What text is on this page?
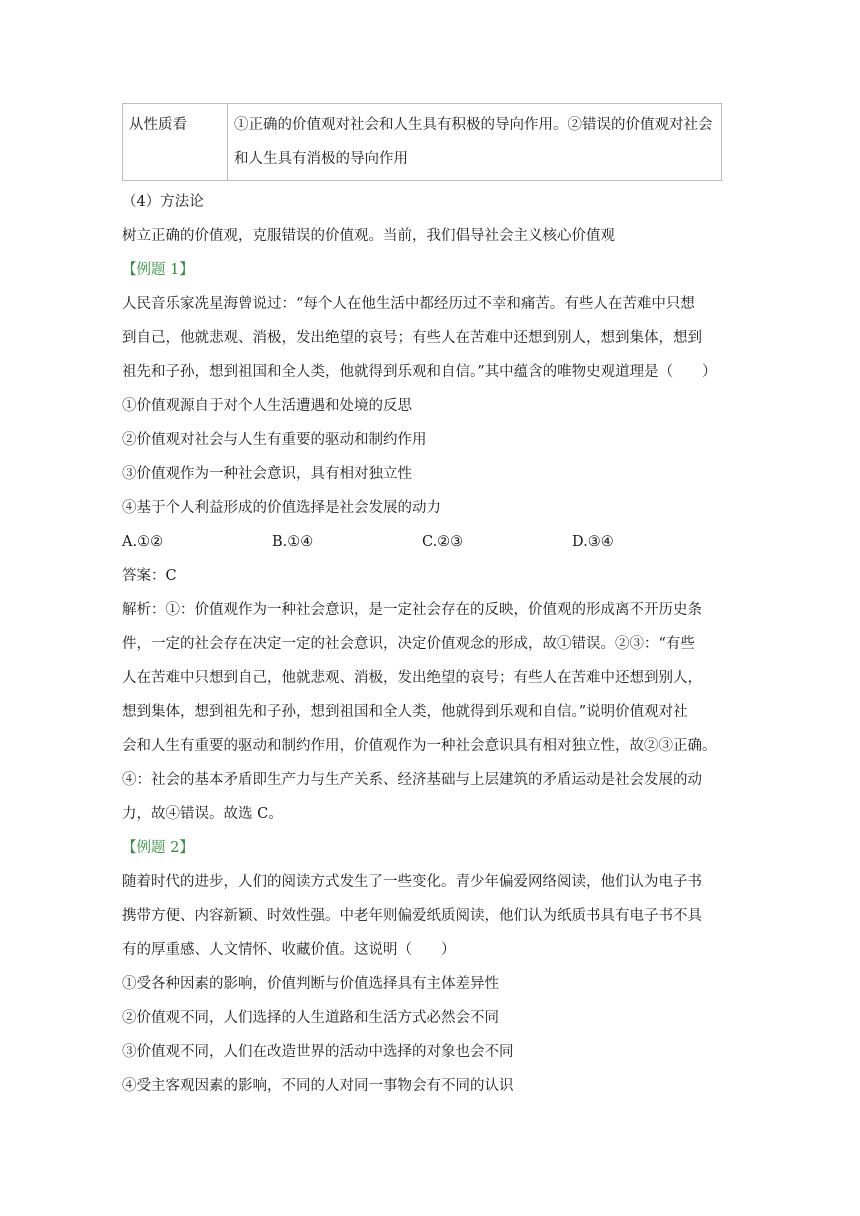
从性质看	①正确的价值观对社会和人生具有积极的导向作用。②错误的价值观对社会和人生具有消极的导向作用
（4）方法论
树立正确的价值观，克服错误的价值观。当前，我们倡导社会主义核心价值观
【例题 1】
人民音乐家冼星海曾说过：“每个人在他生活中都经历过不幸和痛苦。有些人在苦难中只想
到自己，他就悲观、消极，发出绝望的哀号；有些人在苦难中还想到别人，想到集体，想到
祖先和子孙，想到祖国和全人类，他就得到乐观和自信。”其中蕴含的唯物史观道理是（　　）
①价值观源自于对个人生活遭遇和处境的反思
②价值观对社会与人生有重要的驱动和制约作用
③价值观作为一种社会意识，具有相对独立性
④基于个人利益形成的价值选择是社会发展的动力
A.①②	B.①④	C.②③	D.③④
答案：C
解析：①：价值观作为一种社会意识，是一定社会存在的反映，价值观的形成离不开历史条
件，一定的社会存在决定一定的社会意识，决定价值观念的形成，故①错误。②③：“有些
人在苦难中只想到自己，他就悲观、消极，发出绝望的哀号；有些人在苦难中还想到别人，
想到集体，想到祖先和子孙，想到祖国和全人类，他就得到乐观和自信。”说明价值观对社
会和人生有重要的驱动和制约作用，价值观作为一种社会意识具有相对独立性，故②③正确。
④：社会的基本矛盾即生产力与生产关系、经济基础与上层建筑的矛盾运动是社会发展的动
力，故④错误。故选 C。
【例题 2】
随着时代的进步，人们的阅读方式发生了一些变化。青少年偏爱网络阅读，他们认为电子书
携带方便、内容新颖、时效性强。中老年则偏爱纸质阅读，他们认为纸质书具有电子书不具
有的厚重感、人文情怀、收藏价值。这说明（　　）
①受各种因素的影响，价值判断与价值选择具有主体差异性
②价值观不同，人们选择的人生道路和生活方式必然会不同
③价值观不同，人们在改造世界的活动中选择的对象也会不同
④受主客观因素的影响，不同的人对同一事物会有不同的认识
